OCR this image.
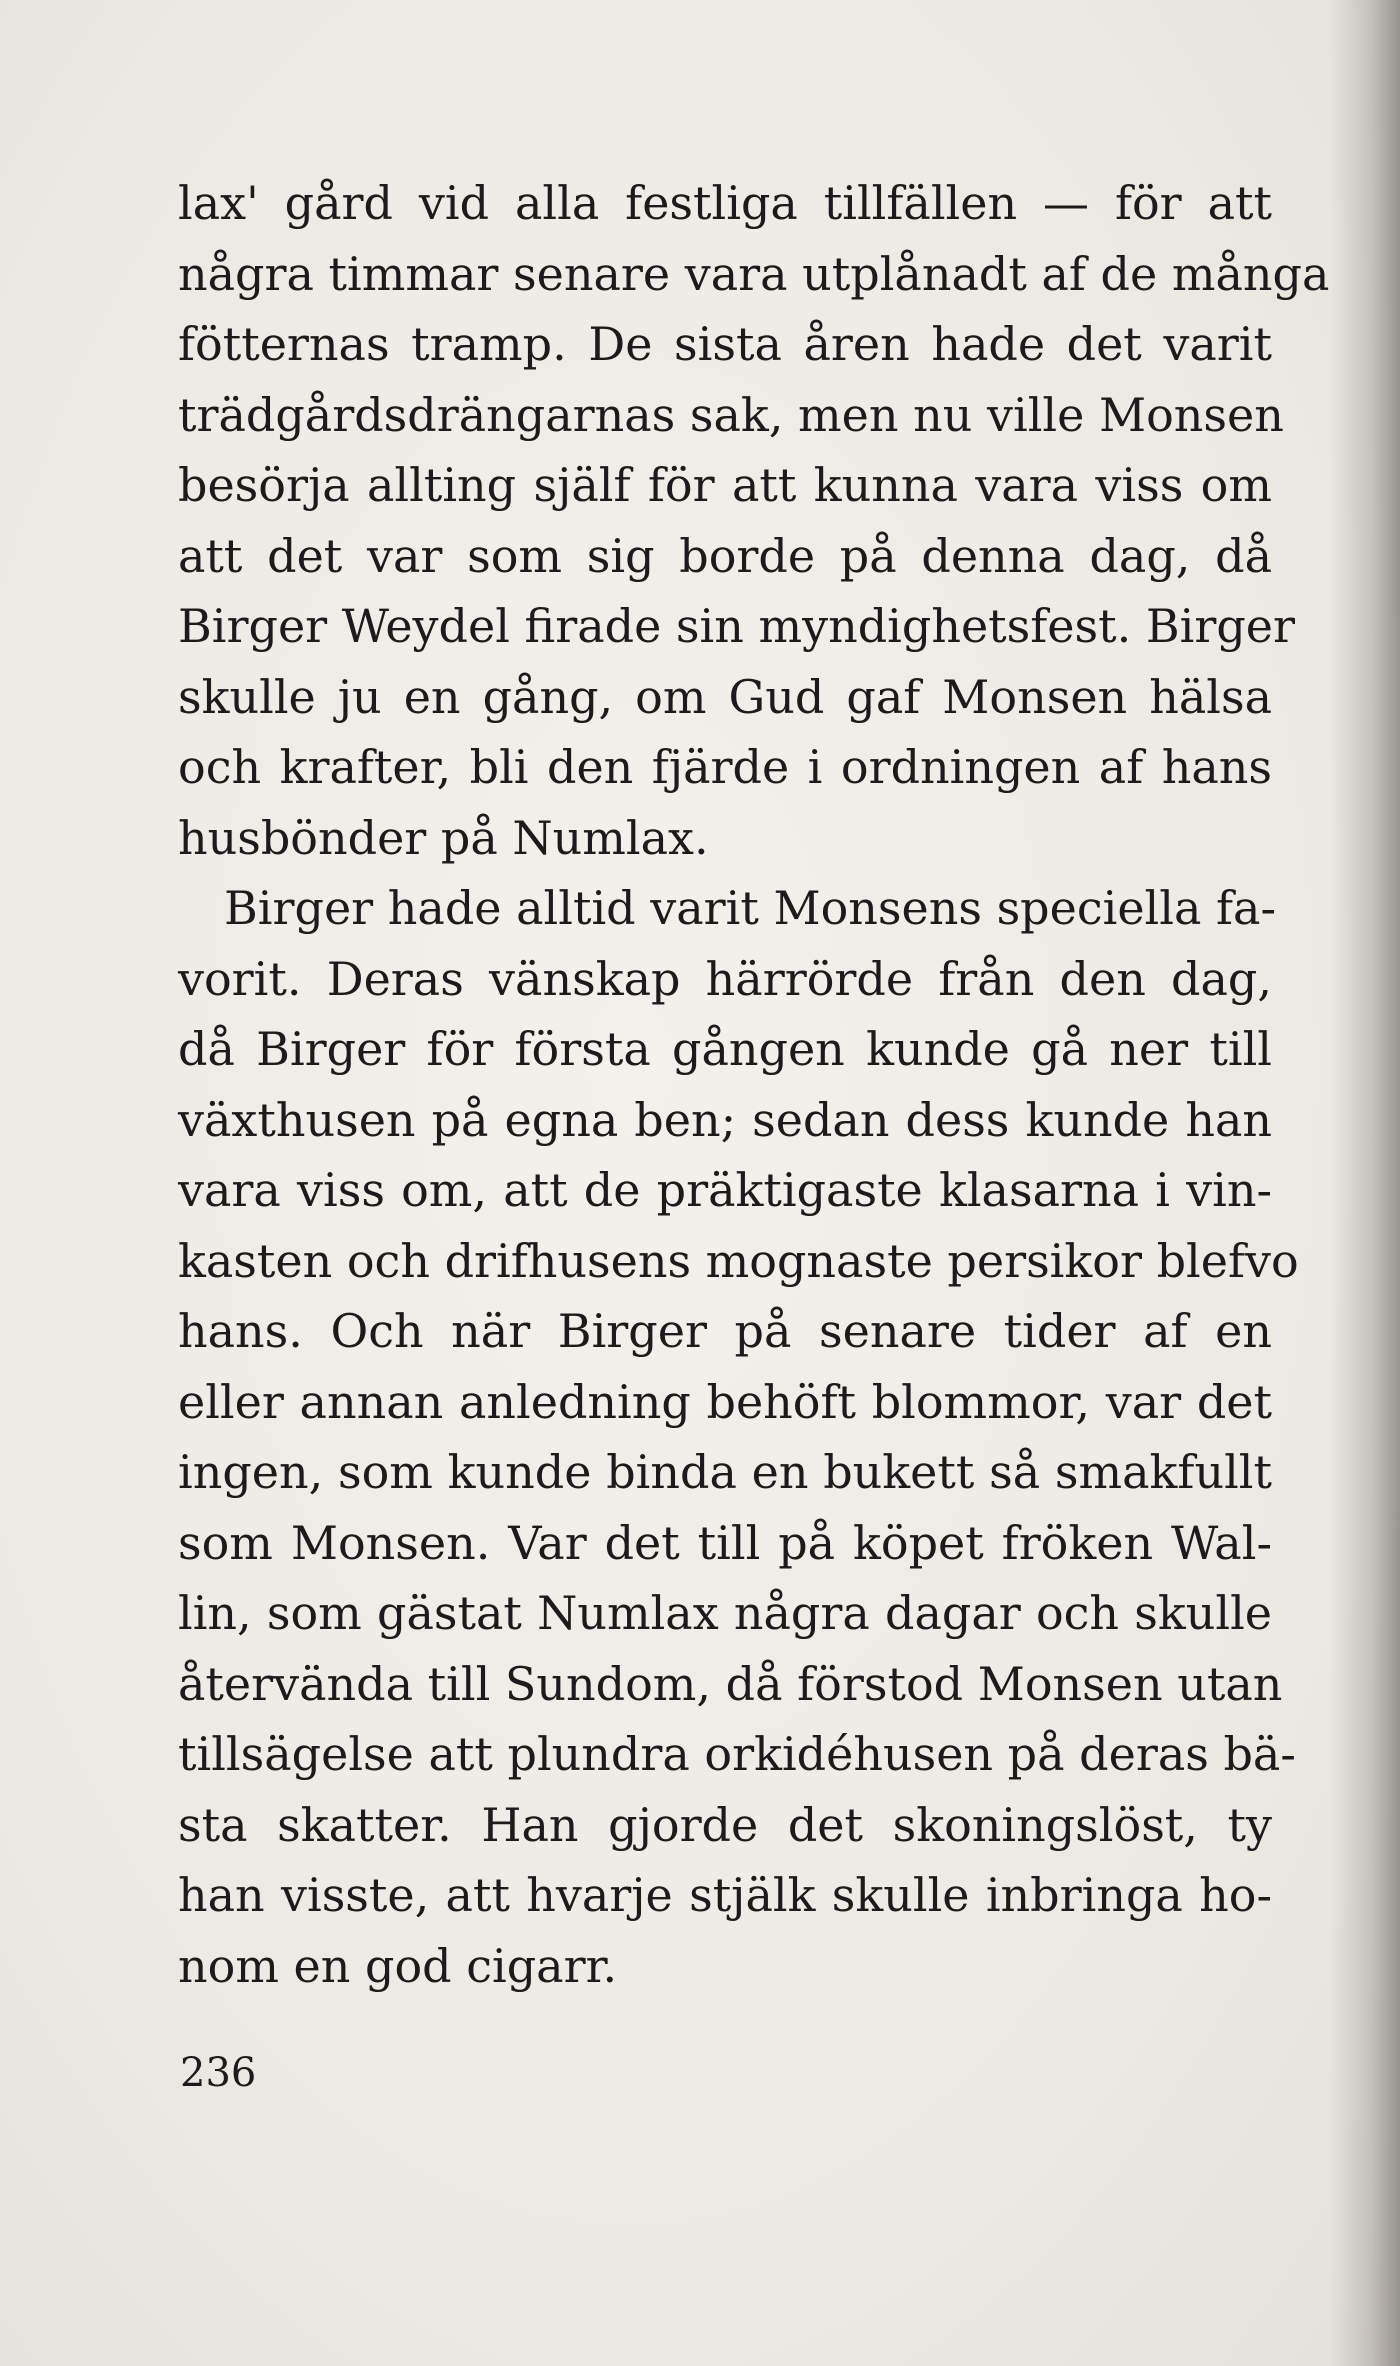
lax' gård vid alla festliga tillfällen — för att
några timmar senare vara utplånadt af de många
fötternas tramp. De sista åren hade det varit
trädgårdsdrängarnas sak, men nu ville Monsen
besörja allting själf för att kunna vara viss om
att det var som sig borde på denna dag, då
Birger Weydel firade sin myndighetsfest. Birger
skulle ju en gång, om Gud gaf Monsen hälsa
och krafter, bli den fjärde i ordningen af hans
husbönder på Numlax.
Birger hade alltid varit Monsens speciella fa-
vorit. Deras vänskap härrörde från den dag,
då Birger för första gången kunde gå ner till
växthusen på egna ben; sedan dess kunde han
vara viss om, att de präktigaste klasarna i vin-
kasten och drifhusens mognaste persikor blefvo
hans. Och när Birger på senare tider af en
eller annan anledning behöft blommor, var det
ingen, som kunde binda en bukett så smakfullt
som Monsen. Var det till på köpet fröken Wal-
lin, som gästat Numlax några dagar och skulle
återvända till Sundom, då förstod Monsen utan
tillsägelse att plundra orkidéhusen på deras bä-
sta skatter. Han gjorde det skoningslöst, ty
han visste, att hvarje stjälk skulle inbringa ho-
nom en god cigarr.
236
